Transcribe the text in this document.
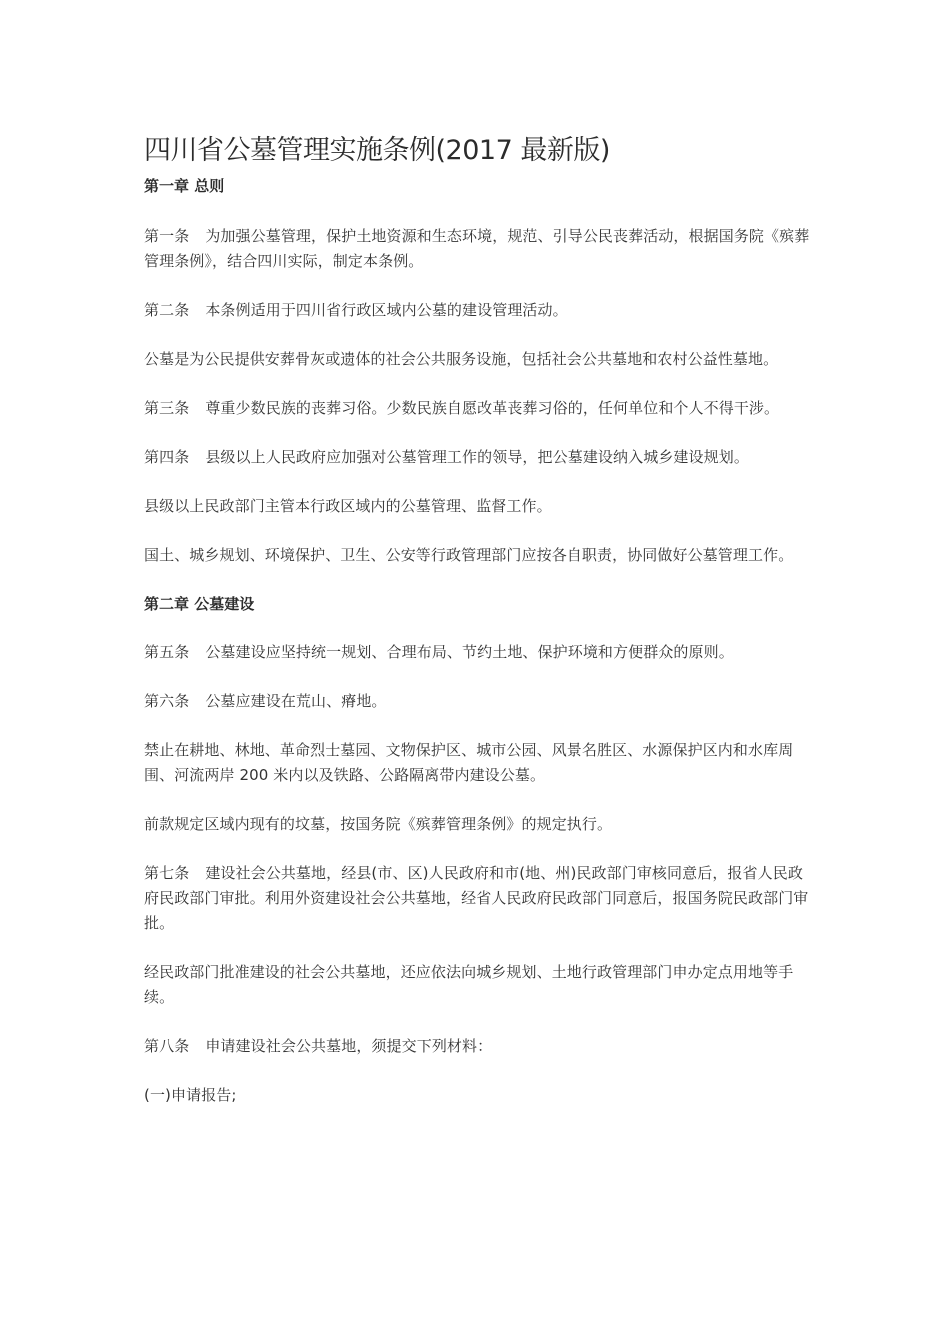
四川省公墓管理实施条例(2017 最新版)
第一章 总则

第一条 为加强公墓管理，保护土地资源和生态环境，规范、引导公民丧葬活动，根据国务院《殡葬管理条例》，结合四川实际，制定本条例。

第二条 本条例适用于四川省行政区域内公墓的建设管理活动。

公墓是为公民提供安葬骨灰或遗体的社会公共服务设施，包括社会公共墓地和农村公益性墓地。

第三条 尊重少数民族的丧葬习俗。少数民族自愿改革丧葬习俗的，任何单位和个人不得干涉。

第四条 县级以上人民政府应加强对公墓管理工作的领导，把公墓建设纳入城乡建设规划。

县级以上民政部门主管本行政区域内的公墓管理、监督工作。

国土、城乡规划、环境保护、卫生、公安等行政管理部门应按各自职责，协同做好公墓管理工作。

第二章 公墓建设

第五条 公墓建设应坚持统一规划、合理布局、节约土地、保护环境和方便群众的原则。

第六条 公墓应建设在荒山、瘠地。

禁止在耕地、林地、革命烈士墓园、文物保护区、城市公园、风景名胜区、水源保护区内和水库周围、河流两岸 200 米内以及铁路、公路隔离带内建设公墓。

前款规定区域内现有的坟墓，按国务院《殡葬管理条例》的规定执行。

第七条 建设社会公共墓地，经县(市、区)人民政府和市(地、州)民政部门审核同意后，报省人民政府民政部门审批。利用外资建设社会公共墓地，经省人民政府民政部门同意后，报国务院民政部门审批。

经民政部门批准建设的社会公共墓地，还应依法向城乡规划、土地行政管理部门申办定点用地等手续。

第八条 申请建设社会公共墓地，须提交下列材料：

(一)申请报告;
